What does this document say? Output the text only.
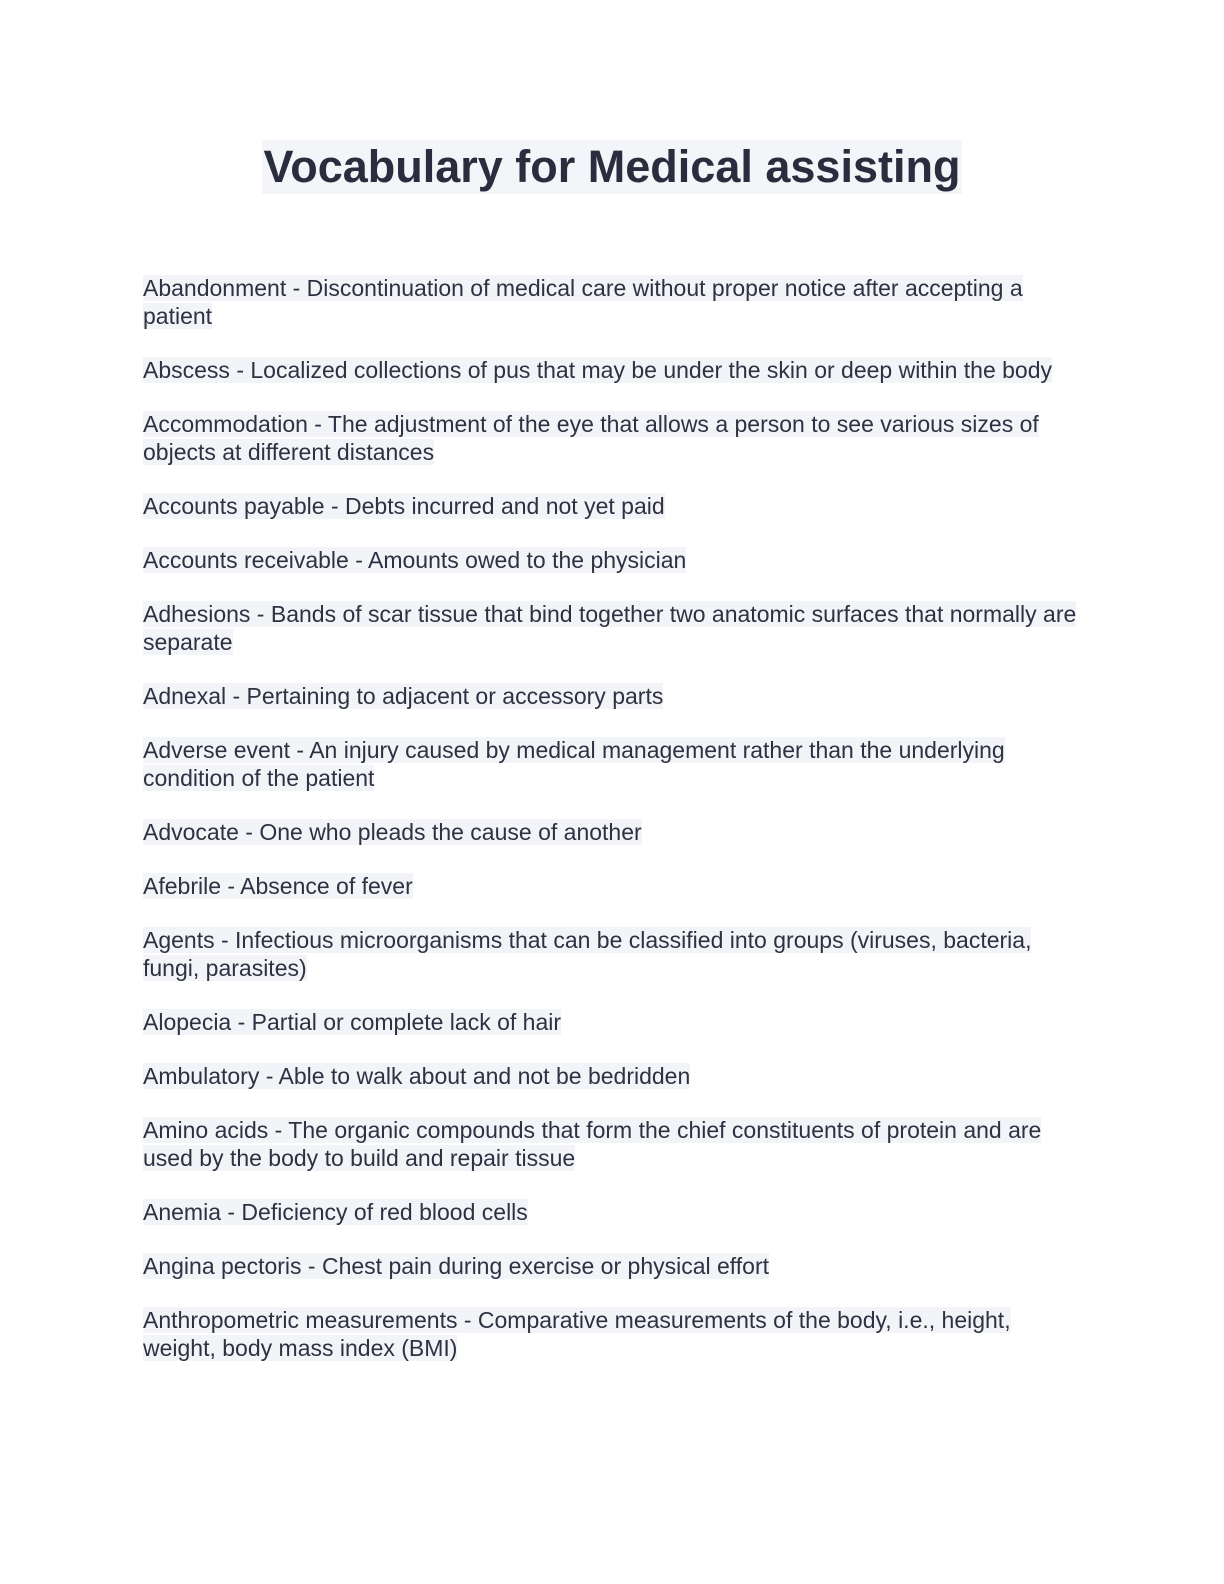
Vocabulary for Medical assisting

Abandonment - Discontinuation of medical care without proper notice after accepting a patient

Abscess - Localized collections of pus that may be under the skin or deep within the body

Accommodation - The adjustment of the eye that allows a person to see various sizes of objects at different distances

Accounts payable - Debts incurred and not yet paid

Accounts receivable - Amounts owed to the physician

Adhesions - Bands of scar tissue that bind together two anatomic surfaces that normally are separate

Adnexal - Pertaining to adjacent or accessory parts

Adverse event - An injury caused by medical management rather than the underlying condition of the patient

Advocate - One who pleads the cause of another

Afebrile - Absence of fever

Agents - Infectious microorganisms that can be classified into groups (viruses, bacteria, fungi, parasites)

Alopecia - Partial or complete lack of hair

Ambulatory - Able to walk about and not be bedridden

Amino acids - The organic compounds that form the chief constituents of protein and are used by the body to build and repair tissue

Anemia - Deficiency of red blood cells

Angina pectoris - Chest pain during exercise or physical effort

Anthropometric measurements - Comparative measurements of the body, i.e., height, weight, body mass index (BMI)
